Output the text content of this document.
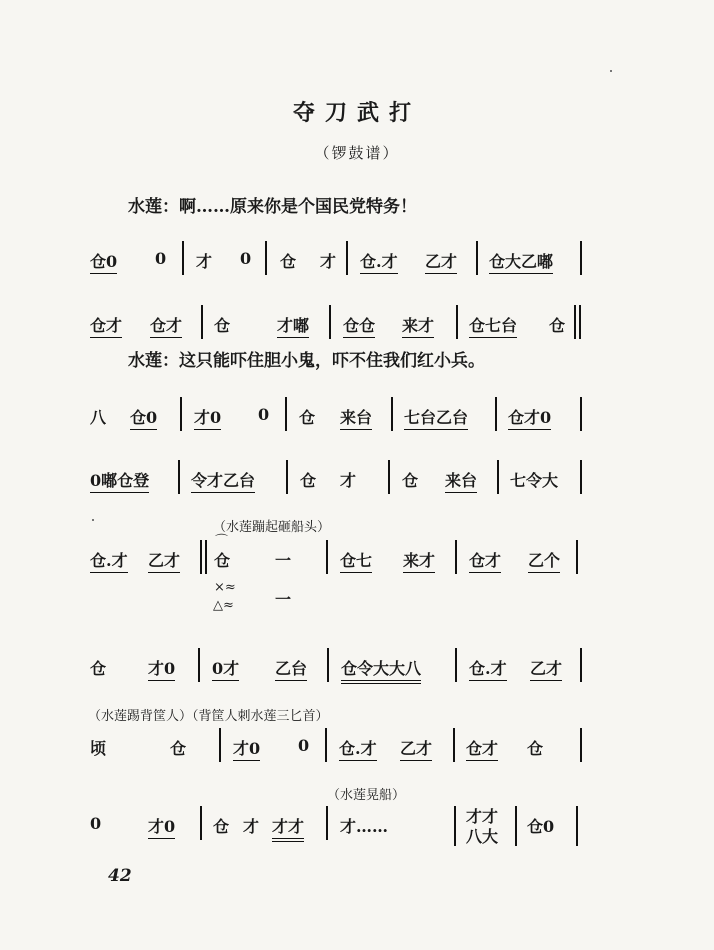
夺刀武打
（锣鼓谱）
水莲：啊……原来你是个国民党特务！
仓0 0 才 0 仓 才 仓.才 乙才 仓大乙嘟
仓才 仓才 仓	才嘟 仓仓 来才 仓七台 仓
水莲：这只能吓住胆小鬼，吓不住我们红小兵。
八 仓0 才0 0 仓 来台 七台乙台 仓才0
0嘟仓登	令才乙台	仓 才	仓 来台 七令大
（水莲蹦起砸船头）
仓.才 乙才
⌒
仓	一	仓七 来才 仓才 乙个
×≈
△≈	一
仓	才0 0才 乙台 仓令大大八	仓.才 乙才
（水莲踢背筐人）（背筐人刺水莲三匕首）
顷	仓	才0 0 仓.才 乙才 仓才 仓
（水莲晃船）
0	才0 仓 才 才才 才……
才才
八大
仓0
42
